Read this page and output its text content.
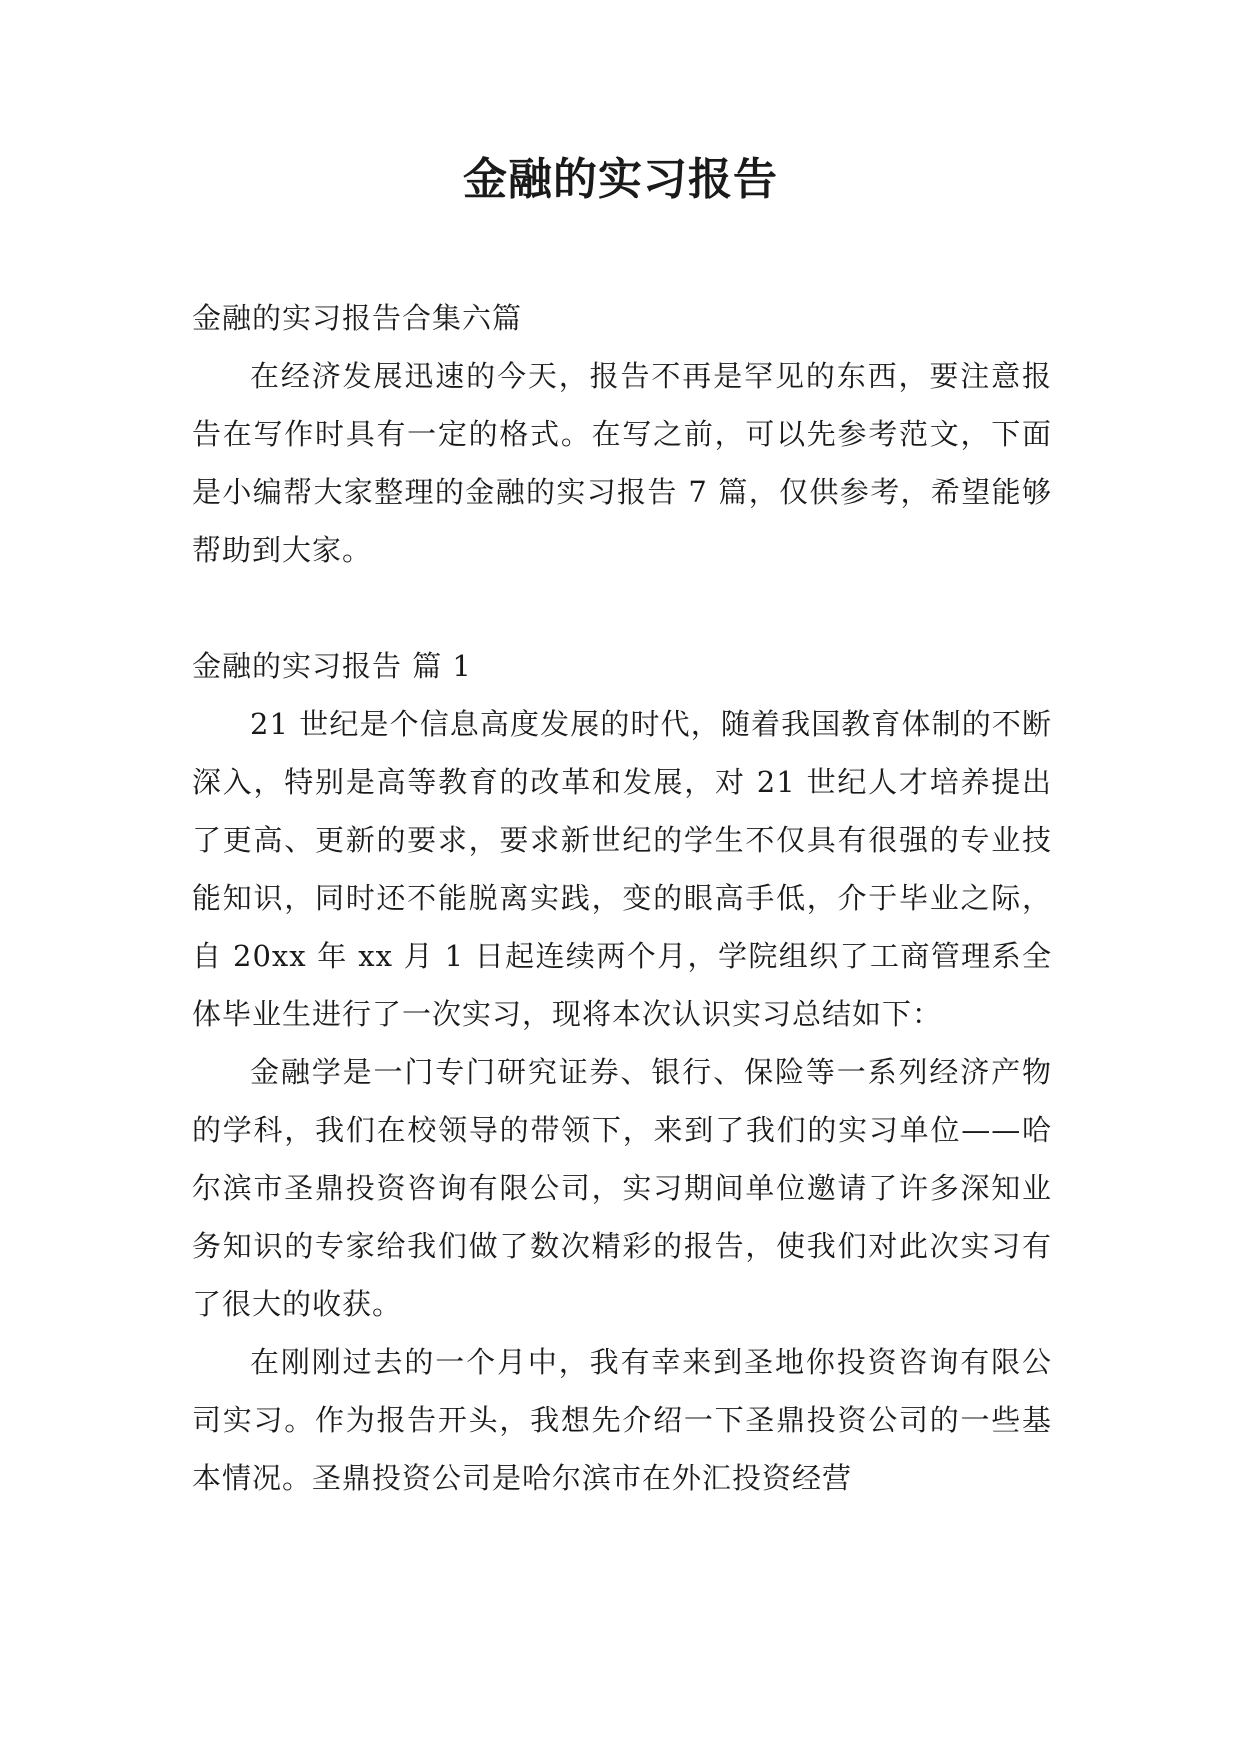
金融的实习报告

金融的实习报告合集六篇

在经济发展迅速的今天，报告不再是罕见的东西，要注意报告在写作时具有一定的格式。在写之前，可以先参考范文，下面是小编帮大家整理的金融的实习报告 7 篇，仅供参考，希望能够帮助到大家。

金融的实习报告 篇 1

21 世纪是个信息高度发展的时代，随着我国教育体制的不断深入，特别是高等教育的改革和发展，对 21 世纪人才培养提出了更高、更新的要求，要求新世纪的学生不仅具有很强的专业技能知识，同时还不能脱离实践，变的眼高手低，介于毕业之际，自 20xx 年 xx 月 1 日起连续两个月，学院组织了工商管理系全体毕业生进行了一次实习，现将本次认识实习总结如下：

金融学是一门专门研究证券、银行、保险等一系列经济产物的学科，我们在校领导的带领下，来到了我们的实习单位——哈尔滨市圣鼎投资咨询有限公司，实习期间单位邀请了许多深知业务知识的专家给我们做了数次精彩的报告，使我们对此次实习有了很大的收获。

在刚刚过去的一个月中，我有幸来到圣地你投资咨询有限公司实习。作为报告开头，我想先介绍一下圣鼎投资公司的一些基本情况。圣鼎投资公司是哈尔滨市在外汇投资经营
